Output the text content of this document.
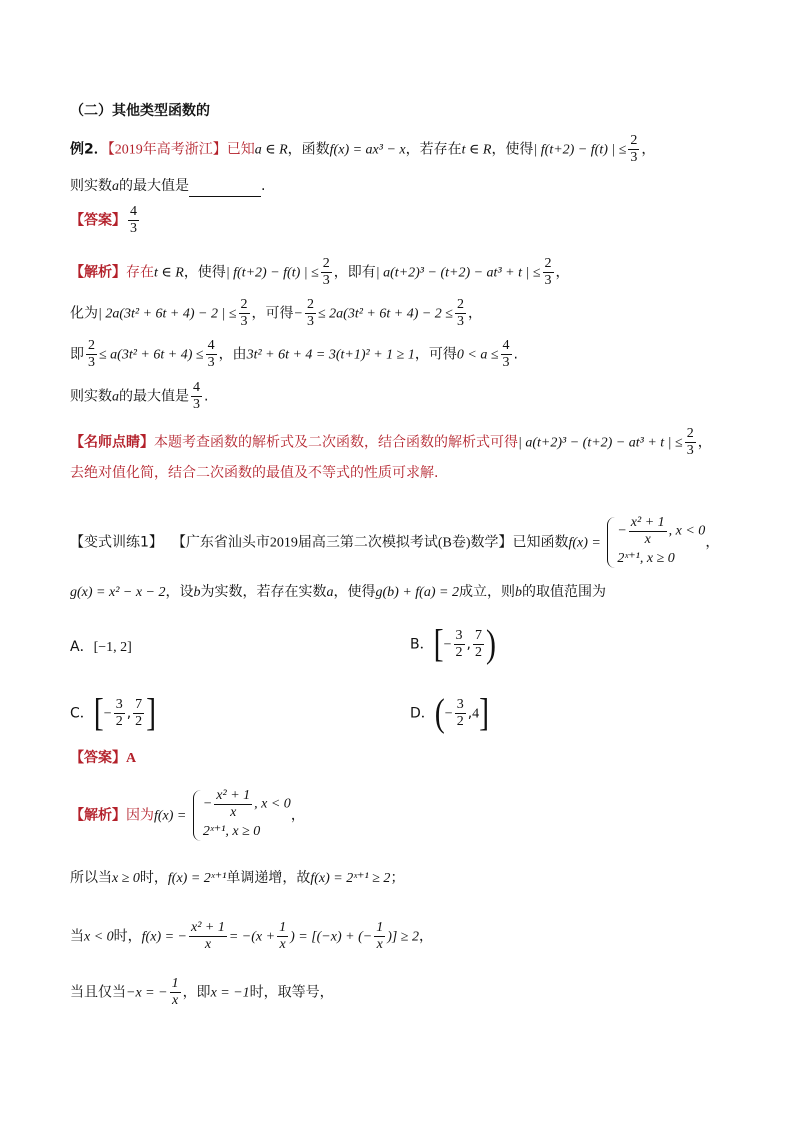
（二）其他类型函数的
例2．【2019年高考浙江】已知a ∈ R，函数f(x) = ax³ − x，若存在t ∈ R，使得| f(t+2) − f(t) | ≤ $\frac{2}{3}$ ，
则实数a的最大值是	.
【答案】 $\frac{4}{3}$
【解析】存在t ∈ R，使得| f(t+2) − f(t) | ≤ $\frac{2}{3}$ ，即有| a(t+2)³ − (t+2) − at³ + t | ≤ $\frac{2}{3}$ ，
化为| 2a(3t² + 6t + 4) − 2 | ≤ $\frac{2}{3}$ ，可得− $\frac{2}{3} \le 2a(3t^2 + 6t + 4) - 2 \le \frac{2}{3}$ ，
即 $\frac{2}{3} \le a(3t^2 + 6t + 4) \le \frac{4}{3}$ ，由3t² + 6t + 4 = 3(t+1)² + 1 ≥ 1，可得$0 < a \le \frac{4}{3}$ .
则实数a的最大值是 $\frac{4}{3}$ .
【名师点睛】本题考查函数的解析式及二次函数，结合函数的解析式可得| a(t+2)³ − (t+2) − at³ + t | ≤ $\frac{2}{3}$ ，
去绝对值化简，结合二次函数的最值及不等式的性质可求解.
【变式训练1】 【广东省汕头市2019届高三第二次模拟考试(B卷)数学】已知函数f(x) =
− $\frac{\text{x² + 1}}{x}$ , x < 0
2ˣ⁺¹, x ≥ 0
，
g(x) = x² − x − 2，设b为实数，若存在实数a，使得g(b) + f(a) = 2成立，则b的取值范围为
A．[−1, 2]	B．[− $\frac{3}{2}$ , $\frac{7}{2}$ )
C．[− $\frac{3}{2}$ , $\frac{7}{2}$ ]	D．(− $\frac{3}{2} ,4$]
【答案】A
【解析】因为f(x) =
− $\frac{\text{x² + 1}}{x}$ , x < 0
2ˣ⁺¹, x ≥ 0
，
所以当x ≥ 0时，f(x) = 2ˣ⁺¹单调递增，故f(x) = 2ˣ⁺¹ ≥ 2；
当x < 0时，f(x) = − $\frac{\text{x² + 1}}{x} = -(x + \frac{1}{x}$ ) = [(−x) + (− $\frac{1}{x}$ )] ≥ 2，
当且仅当−x = − $\frac{1}{x}$ ，即x = −1时，取等号，
